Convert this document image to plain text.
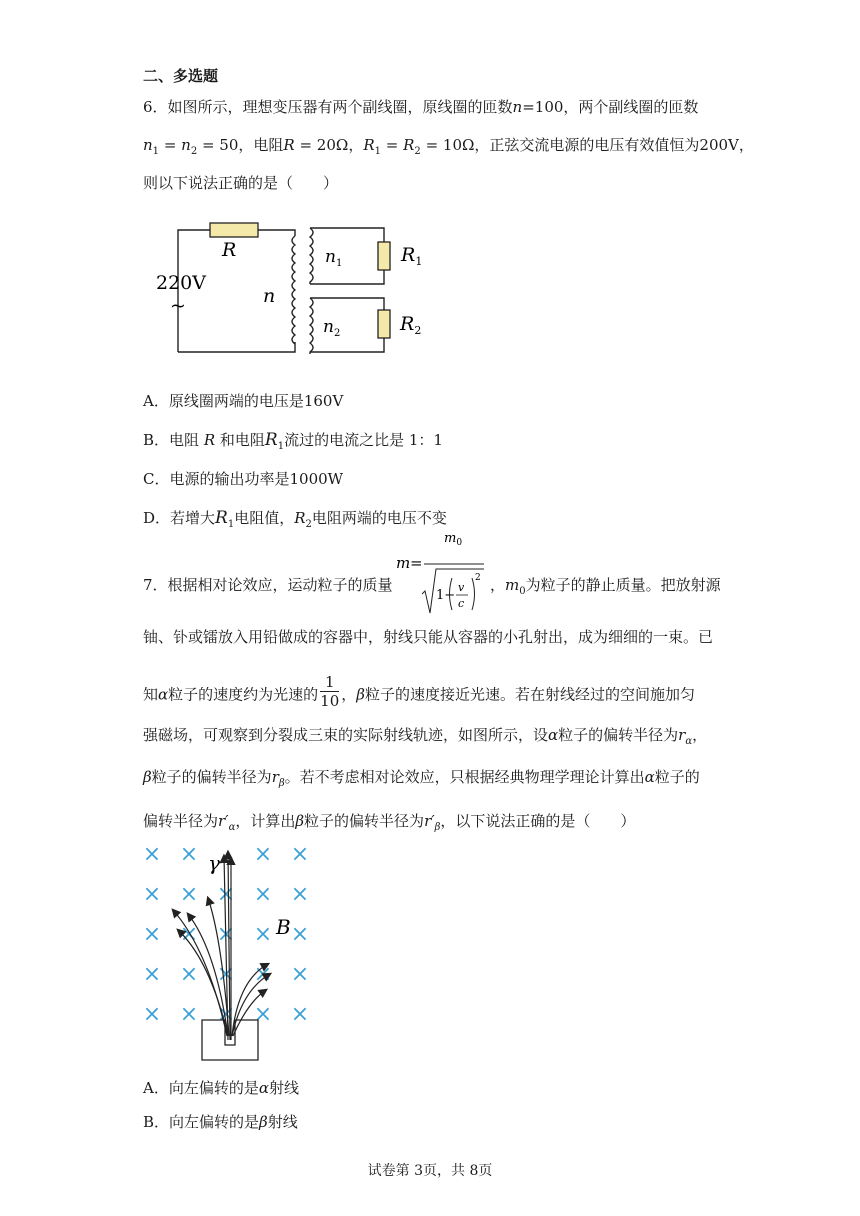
二、多选题
6．如图所示，理想变压器有两个副线圈，原线圈的匝数n=100，两个副线圈的匝数
$n_1 = n_2 = 50$，电阻R = 20Ω，$R_1 = R_2 = 10\Omega$，正弦交流电源的电压有效值恒为200V，
则以下说法正确的是（　　）
R
220V
~	n
$n_1$
$n_2$
$R_1$
$R_2$
A．原线圈两端的电压是160V
B．电阻 R 和电阻$R_1$流过的电流之比是 1：1
C．电源的输出功率是1000W
D．若增大$R_1$电阻值，$R_2$电阻两端的电压不变
7．根据相对论效应，运动粒子的质量
m =
$m_0$
1−
v
c
2 ，$m_0$为粒子的静止质量。把放射源
铀、钋或镭放入用铅做成的容器中，射线只能从容器的小孔射出，成为细细的一束。已
知α粒子的速度约为光速的 $\frac{1}{10}$ ，β粒子的速度接近光速。若在射线经过的空间施加匀
强磁场，可观察到分裂成三束的实际射线轨迹，如图所示，设α粒子的偏转半径为$r_\alpha$，
β粒子的偏转半径为$r_\beta$。若不考虑相对论效应，只根据经典物理学理论计算出α粒子的
偏转半径为$r'_\alpha$，计算出β粒子的偏转半径为$r'_\beta$，以下说法正确的是（　　）
× ×	× ×
× × × × ×
× × × × ×
× × × × ×
× × × × ×
γ
B
A．向左偏转的是α射线
B．向左偏转的是β射线
试卷第 3页，共 8页
